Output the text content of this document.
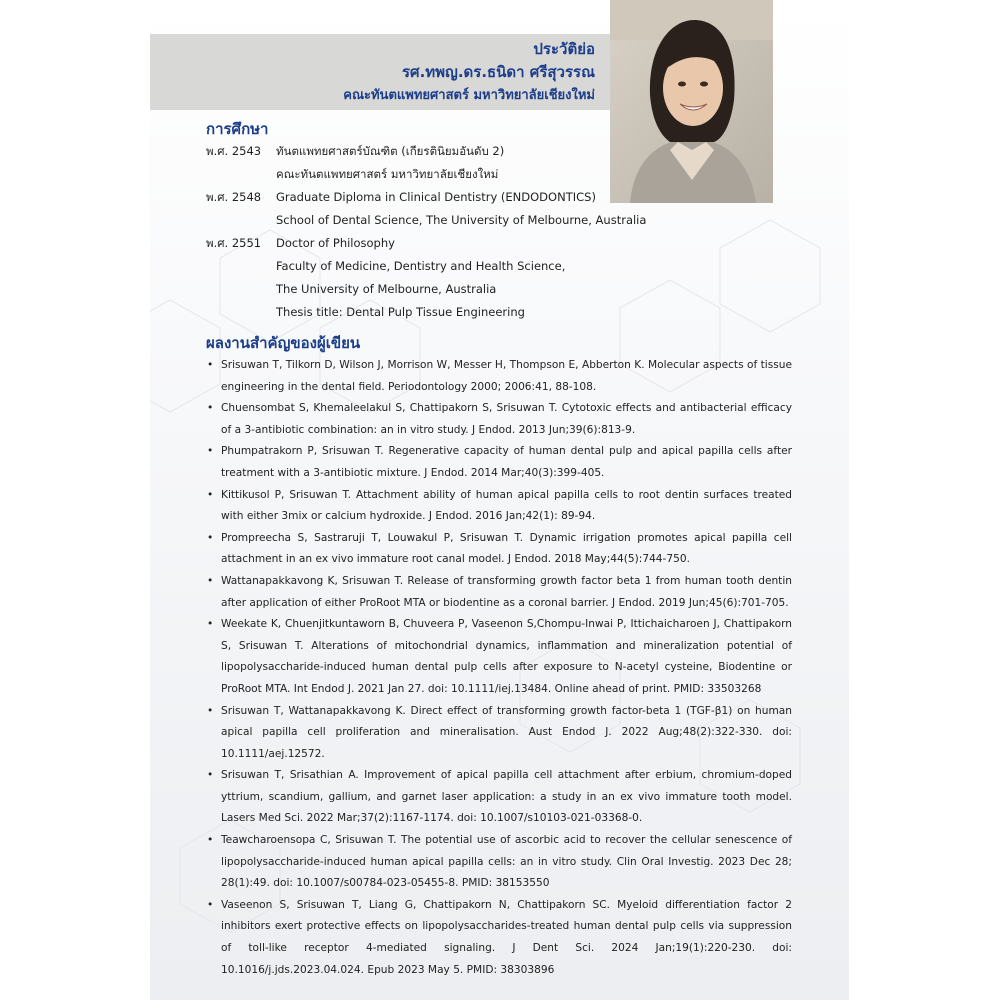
ประวัติย่อ
รศ.ทพญ.ดร.ธนิดา ศรีสุวรรณ
คณะทันตแพทยศาสตร์ มหาวิทยาลัยเชียงใหม่
การศึกษา
พ.ศ. 2543 ทันตแพทยศาสตร์บัณฑิต (เกียรตินิยมอันดับ 2)
คณะทันตแพทยศาสตร์ มหาวิทยาลัยเชียงใหม่
พ.ศ. 2548 Graduate Diploma in Clinical Dentistry (ENDODONTICS)
School of Dental Science, The University of Melbourne, Australia
พ.ศ. 2551 Doctor of Philosophy
Faculty of Medicine, Dentistry and Health Science,
The University of Melbourne, Australia
Thesis title: Dental Pulp Tissue Engineering
ผลงานสำคัญของผู้เขียน
• Srisuwan T, Tilkorn D, Wilson J, Morrison W, Messer H, Thompson E, Abberton K. Molecular aspects of tissue engineering in the dental field. Periodontology 2000; 2006:41, 88-108.
• Chuensombat S, Khemaleelakul S, Chattipakorn S, Srisuwan T. Cytotoxic effects and antibacterial efficacy of a 3-antibiotic combination: an in vitro study. J Endod. 2013 Jun;39(6):813-9.
• Phumpatrakorn P, Srisuwan T. Regenerative capacity of human dental pulp and apical papilla cells after treatment with a 3-antibiotic mixture. J Endod. 2014 Mar;40(3):399-405.
• Kittikusol P, Srisuwan T. Attachment ability of human apical papilla cells to root dentin surfaces treated with either 3mix or calcium hydroxide. J Endod. 2016 Jan;42(1): 89-94.
• Prompreecha S, Sastraruji T, Louwakul P, Srisuwan T. Dynamic irrigation promotes apical papilla cell attachment in an ex vivo immature root canal model. J Endod. 2018 May;44(5):744-750.
• Wattanapakkavong K, Srisuwan T. Release of transforming growth factor beta 1 from human tooth dentin after application of either ProRoot MTA or biodentine as a coronal barrier. J Endod. 2019 Jun;45(6):701-705.
• Weekate K, Chuenjitkuntaworn B, Chuveera P, Vaseenon S,Chompu-Inwai P, Ittichaicharoen J, Chattipakorn S, Srisuwan T. Alterations of mitochondrial dynamics, inflammation and mineralization potential of lipopolysaccharide-induced human dental pulp cells after exposure to N-acetyl cysteine, Biodentine or ProRoot MTA. Int Endod J. 2021 Jan 27. doi: 10.1111/iej.13484. Online ahead of print. PMID: 33503268
• Srisuwan T, Wattanapakkavong K. Direct effect of transforming growth factor-beta 1 (TGF-β1) on human apical papilla cell proliferation and mineralisation. Aust Endod J. 2022 Aug;48(2):322-330. doi: 10.1111/aej.12572.
• Srisuwan T, Srisathian A. Improvement of apical papilla cell attachment after erbium, chromium-doped yttrium, scandium, gallium, and garnet laser application: a study in an ex vivo immature tooth model. Lasers Med Sci. 2022 Mar;37(2):1167-1174. doi: 10.1007/s10103-021-03368-0.
• Teawcharoensopa C, Srisuwan T. The potential use of ascorbic acid to recover the cellular senescence of lipopolysaccharide-induced human apical papilla cells: an in vitro study. Clin Oral Investig. 2023 Dec 28; 28(1):49. doi: 10.1007/s00784-023-05455-8. PMID: 38153550
• Vaseenon S, Srisuwan T, Liang G, Chattipakorn N, Chattipakorn SC. Myeloid differentiation factor 2 inhibitors exert protective effects on lipopolysaccharides-treated human dental pulp cells via suppression of toll-like receptor 4-mediated signaling. J Dent Sci. 2024 Jan;19(1):220-230. doi: 10.1016/j.jds.2023.04.024. Epub 2023 May 5. PMID: 38303896
